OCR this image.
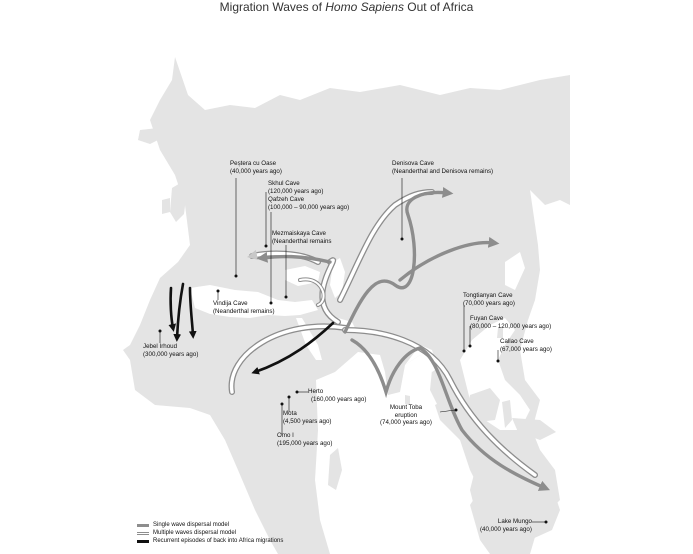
Migration Waves of Homo Sapiens Out of Africa
Peștera cu Oase
(40,000 years ago)
Skhul Cave
(120,000 years ago)
Qafzeh Cave
(100,000 – 90,000 years ago)
Denisova Cave
(Neanderthal and Denisova remains)
Mezmaiskaya Cave
(Neanderthal remains
Vindija Cave
(Neanderthal remains)
Jebel Irhoud
(300,000 years ago)
Herto
(160,000 years ago)
Mota
(4,500 years ago)
Omo I
(195,000 years ago)
Mount Toba
eruption
(74,000 years ago)
Tongtianyan Cave
(70,000 years ago)
Fuyan Cave
(80,000 – 120,000 years ago)
Callao Cave
(67,000 years ago)
Lake Mungo
(40,000 years ago)
Single wave dispersal model
Multiple waves dispersal model
Recurrent episodes of back into Africa migrations
